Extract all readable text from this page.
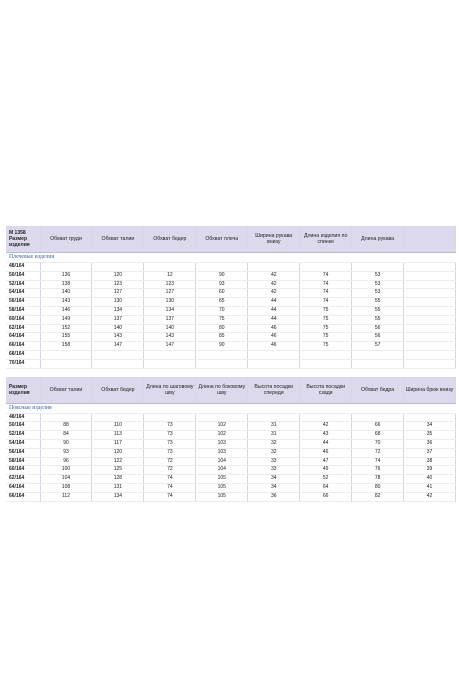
М 1358
Размер изделия	Обхват груди	Обхват талии	Обхват бедер	Обхват плеча	Ширина рукава внизу	Длина изделия по спинке	Длина рукава	
Плечевые изделия								
48/164								
50/164	136	120	12	90	42	74	53	
52/164	138	123	123	93	42	74	53	
54/164	140	127	127	60	42	74	53	
56/164	143	130	130	65	44	74	55	
58/164	146	134	134	70	44	75	55	
60/164	149	137	137	75	44	75	55	
62/164	152	140	140	80	46	75	56	
64/164	155	143	143	85	46	75	56	
66/164	158	147	147	90	46	75	57	
68/164								
70/164								
Размер изделия	Обхват талии	Обхват бедер	Длина по шаговому шву	Длина по боковому шву	Высота посадки спереди	Высота посадки сзади	Обхват бедра	Ширина брюк внизу
Поясные изделия								
48/164								
50/164	88	110	73	102	31	42	66	34
52/164	84	113	73	102	31	43	68	35
54/164	90	117	73	103	32	44	70	36
56/164	93	120	73	103	32	46	72	37
58/164	96	122	72	104	33	47	74	38
60/164	100	125	72	104	33	49	76	39
62/164	104	128	74	105	34	52	78	40
64/164	108	131	74	105	34	64	80	41
66/164	112	134	74	105	36	66	82	42
